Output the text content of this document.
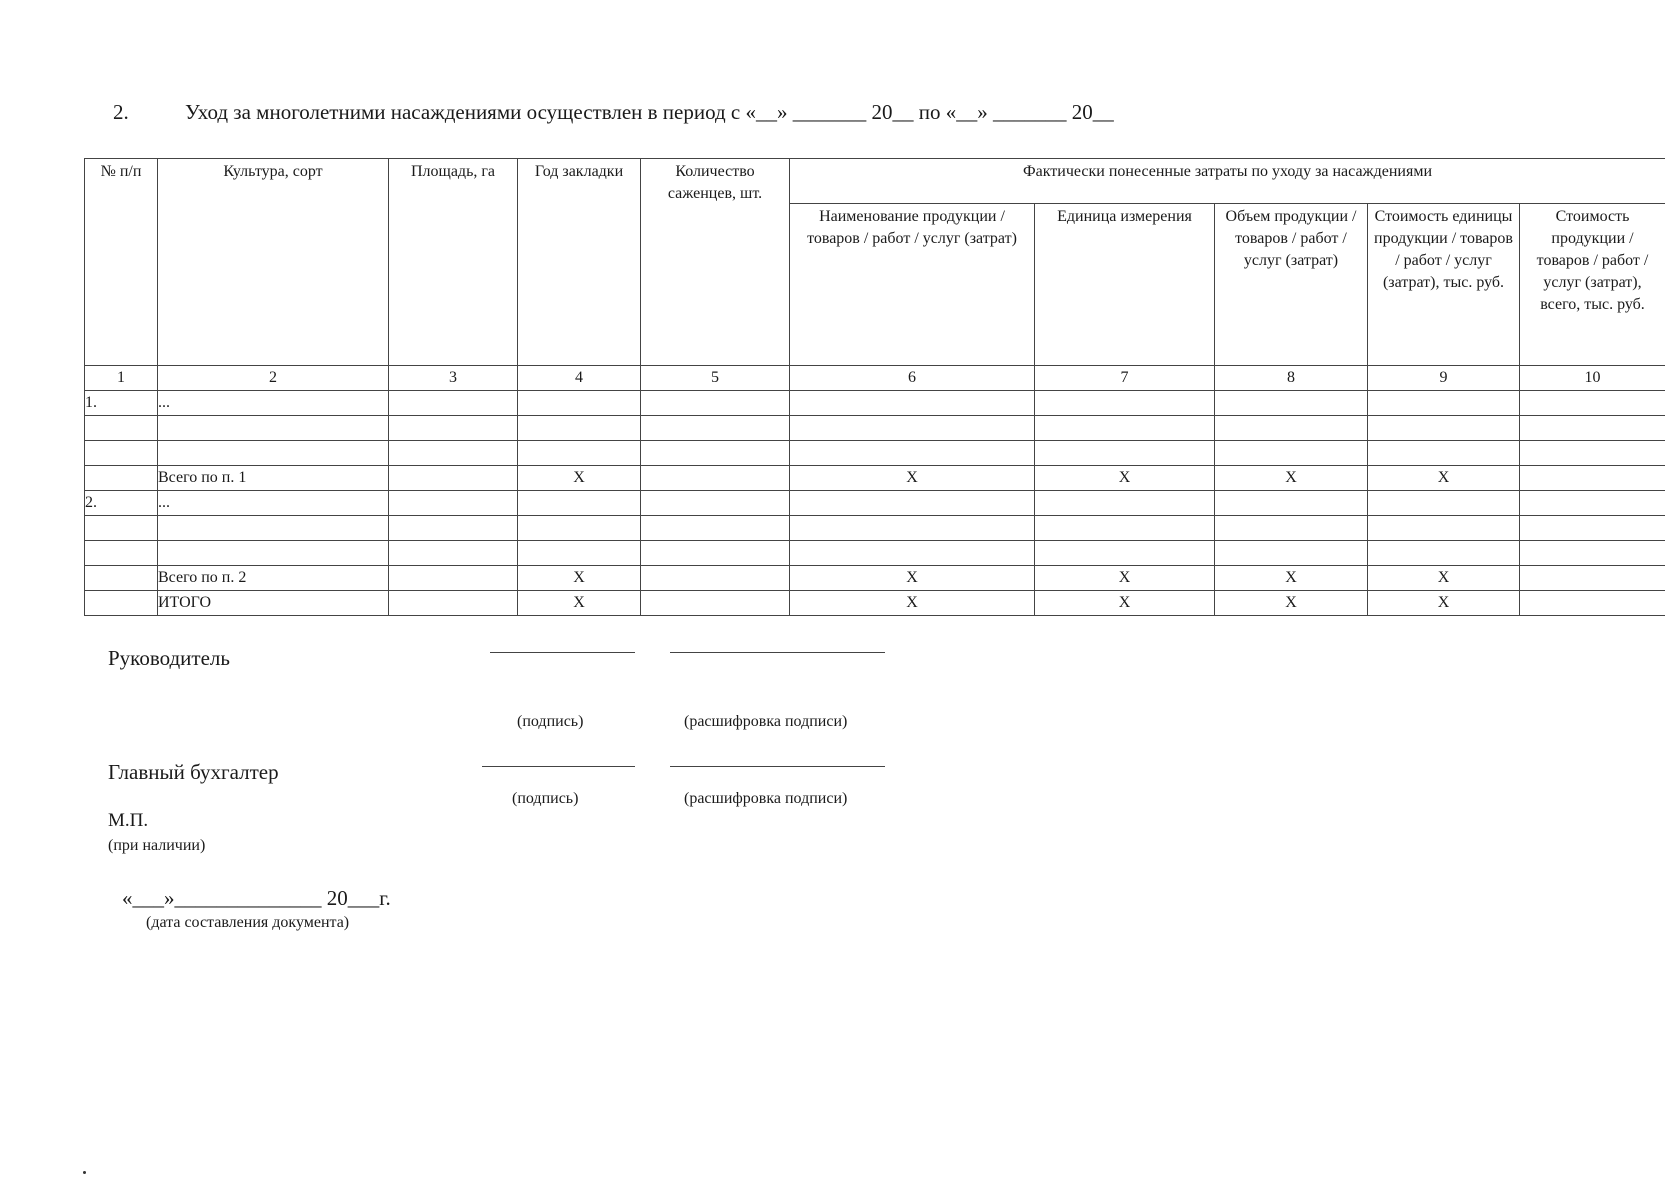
2.	Уход за многолетними насаждениями осуществлен в период с «__» _______ 20__ по «__» _______ 20__
№ п/п	Культура, сорт	Площадь, га	Год закладки	Количество саженцев, шт.	Фактически понесенные затраты по уходу за насаждениями				
					Наименование продукции / товаров / работ / услуг (затрат)	Единица измерения	Объем продукции / товаров / работ / услуг (затрат)	Стоимость единицы продукции / товаров / работ / услуг (затрат), тыс. руб.	Стоимость продукции / товаров / работ / услуг (затрат), всего, тыс. руб.
1	2	3	4	5	6	7	8	9	10
1.	...								

	Всего по п. 1		X		X	X	X	X	
2.	...								

	Всего по п. 2		X		X	X	X	X	
	ИТОГО		X		X	X	X	X	
Руководитель
(подпись)	(расшифровка подписи)
Главный бухгалтер
(подпись)	(расшифровка подписи)
М.П.
(при наличии)
«___»______________ 20___г.
(дата составления документа)
